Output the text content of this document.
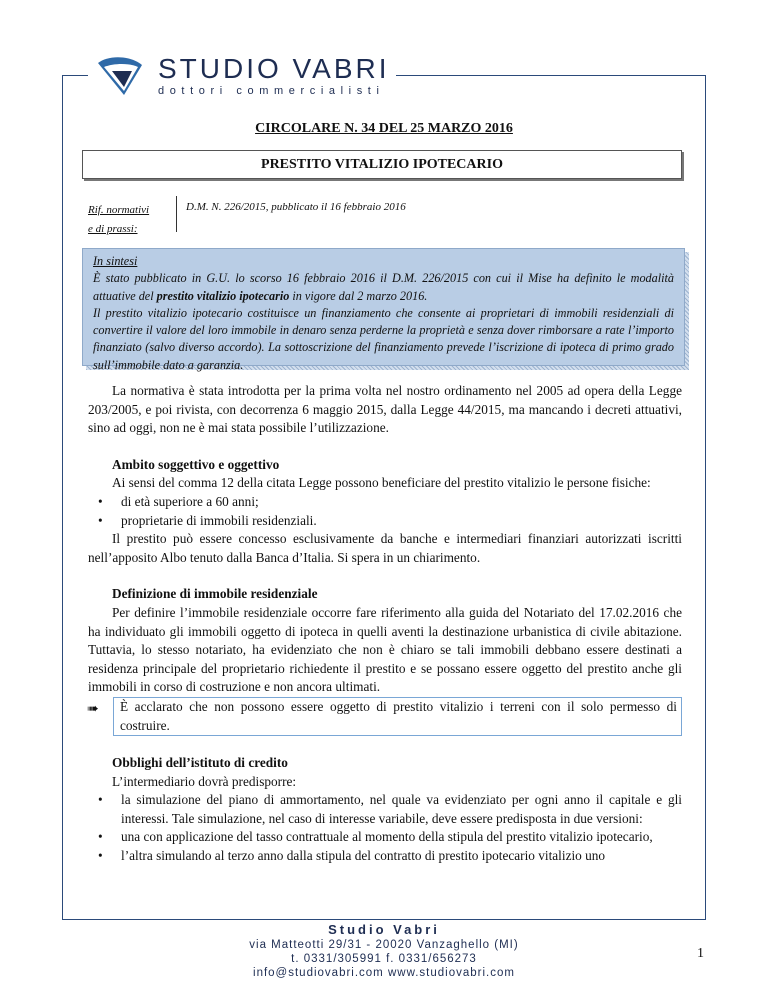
STUDIO VABRI
dottori commercialisti
CIRCOLARE N. 34 DEL 25 MARZO 2016
PRESTITO VITALIZIO IPOTECARIO
Rif. normativi
e di prassi:
D.M. N. 226/2015, pubblicato il 16 febbraio 2016
In sintesi
È stato pubblicato in G.U. lo scorso 16 febbraio 2016 il D.M. 226/2015 con cui il Mise ha definito le modalità attuative del prestito vitalizio ipotecario in vigore dal 2 marzo 2016.
Il prestito vitalizio ipotecario costituisce un finanziamento che consente ai proprietari di immobili residenziali di convertire il valore del loro immobile in denaro senza perderne la proprietà e senza dover rimborsare a rate l’importo finanziato (salvo diverso accordo). La sottoscrizione del finanziamento prevede l’iscrizione di ipoteca di primo grado sull’immobile dato a garanzia.

La normativa è stata introdotta per la prima volta nel nostro ordinamento nel 2005 ad opera della Legge 203/2005, e poi rivista, con decorrenza 6 maggio 2015, dalla Legge 44/2015, ma mancando i decreti attuativi, sino ad oggi, non ne è mai stata possibile l’utilizzazione.

Ambito soggettivo e oggettivo

Ai sensi del comma 12 della citata Legge possono beneficiare del prestito vitalizio le persone fisiche:

• di età superiore a 60 anni;
• proprietarie di immobili residenziali.

Il prestito può essere concesso esclusivamente da banche e intermediari finanziari autorizzati iscritti nell’apposito Albo tenuto dalla Banca d’Italia. Si spera in un chiarimento.

Definizione di immobile residenziale

Per definire l’immobile residenziale occorre fare riferimento alla guida del Notariato del 17.02.2016 che ha individuato gli immobili oggetto di ipoteca in quelli aventi la destinazione urbanistica di civile abitazione. Tuttavia, lo stesso notariato, ha evidenziato che non è chiaro se tali immobili debbano essere destinati a residenza principale del proprietario richiedente il prestito e se possano essere oggetto del prestito anche gli immobili in corso di costruzione e non ancora ultimati.

➠ È acclarato che non possono essere oggetto di prestito vitalizio i terreni con il solo permesso di costruire.

Obblighi dell’istituto di credito

L’intermediario dovrà predisporre:

• la simulazione del piano di ammortamento, nel quale va evidenziato per ogni anno il capitale e gli interessi. Tale simulazione, nel caso di interesse variabile, deve essere predisposta in due versioni:
• una con applicazione del tasso contrattuale al momento della stipula del prestito vitalizio ipotecario,
• l’altra simulando al terzo anno dalla stipula del contratto di prestito ipotecario vitalizio uno
Studio Vabri
via Matteotti 29/31 - 20020 Vanzaghello (MI)
t. 0331/305991 f. 0331/656273
info@studiovabri.com www.studiovabri.com
1
